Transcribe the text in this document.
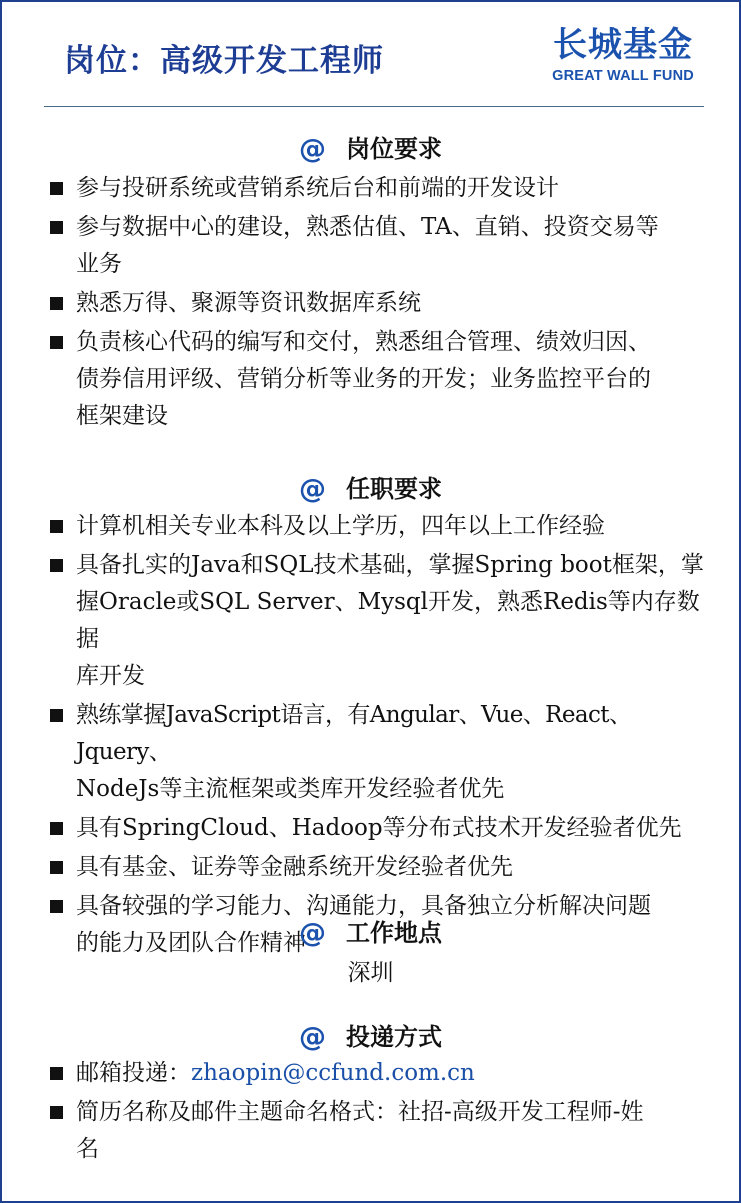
岗位：高级开发工程师	长城基金
GREAT WALL FUND
@ 岗位要求
参与投研系统或营销系统后台和前端的开发设计
参与数据中心的建设，熟悉估值、TA、直销、投资交易等
业务
熟悉万得、聚源等资讯数据库系统
负责核心代码的编写和交付，熟悉组合管理、绩效归因、
债券信用评级、营销分析等业务的开发；业务监控平台的
框架建设
@ 任职要求
计算机相关专业本科及以上学历，四年以上工作经验
具备扎实的Java和SQL技术基础，掌握Spring boot框架，掌
握Oracle或SQL Server、Mysql开发，熟悉Redis等内存数据
库开发
熟练掌握JavaScript语言，有Angular、Vue、React、Jquery、
NodeJs等主流框架或类库开发经验者优先
具有SpringCloud、Hadoop等分布式技术开发经验者优先
具有基金、证券等金融系统开发经验者优先
具备较强的学习能力、沟通能力，具备独立分析解决问题
的能力及团队合作精神
@ 工作地点
深圳
@ 投递方式
邮箱投递：zhaopin@ccfund.com.cn
简历名称及邮件主题命名格式：社招-高级开发工程师-姓
名
